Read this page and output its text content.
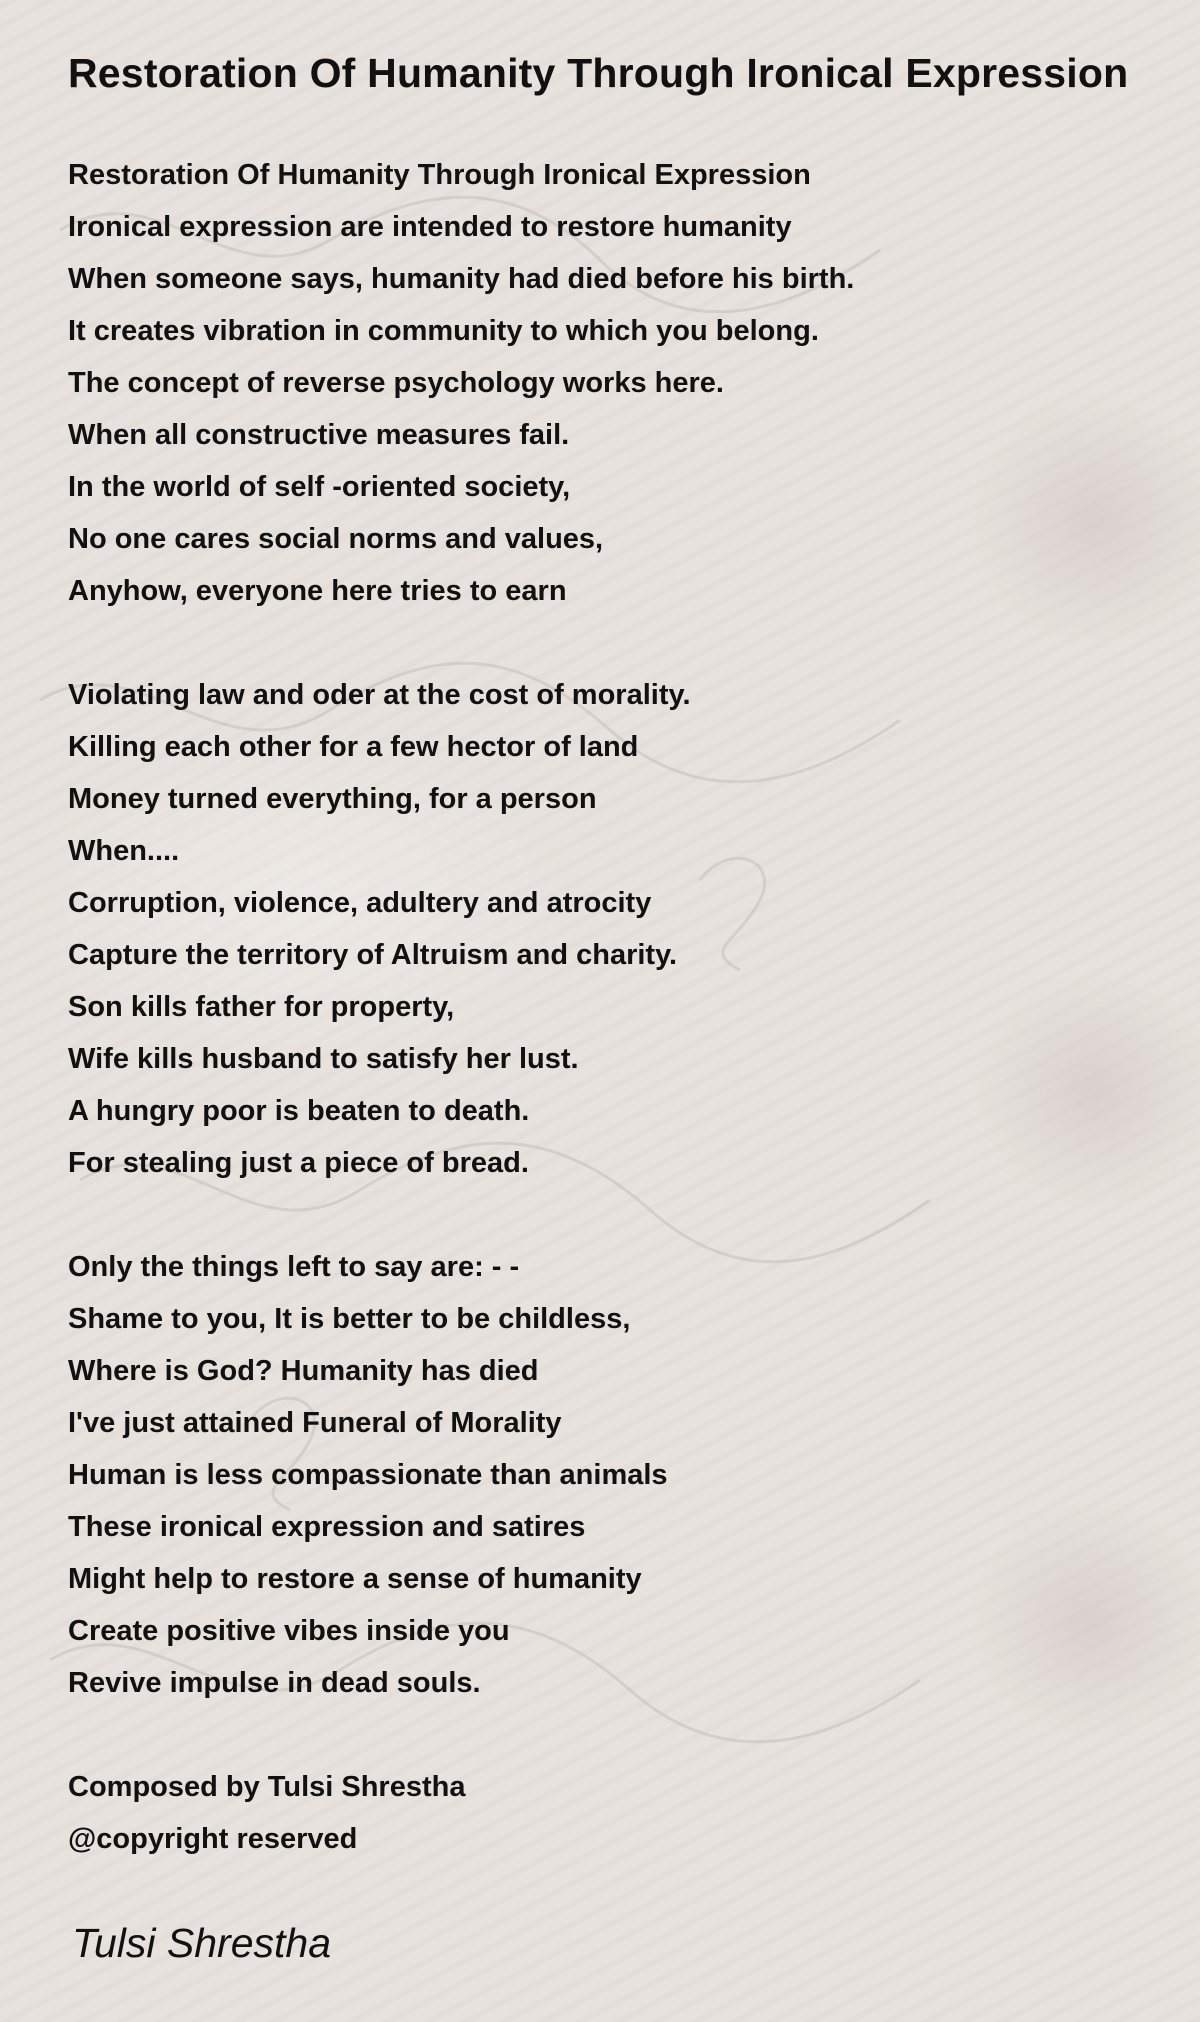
Restoration Of Humanity Through Ironical Expression
Restoration Of Humanity Through Ironical Expression
Ironical expression are intended to restore humanity
When someone says, humanity had died before his birth.
It creates vibration in community to which you belong.
The concept of reverse psychology works here.
When all constructive measures fail.
In the world of self -oriented society,
No one cares social norms and values,
Anyhow, everyone here tries to earn
Violating law and oder at the cost of morality.
Killing each other for a few hector of land
Money turned everything, for a person
When....
Corruption, violence, adultery and atrocity
Capture the territory of Altruism and charity.
Son kills father for property,
Wife kills husband to satisfy her lust.
A hungry poor is beaten to death.
For stealing just a piece of bread.
Only the things left to say are: - -
Shame to you, It is better to be childless,
Where is God? Humanity has died
I've just attained Funeral of Morality
Human is less compassionate than animals
These ironical expression and satires
Might help to restore a sense of humanity
Create positive vibes inside you
Revive impulse in dead souls.
Composed by Tulsi Shrestha
@copyright reserved
Tulsi Shrestha
